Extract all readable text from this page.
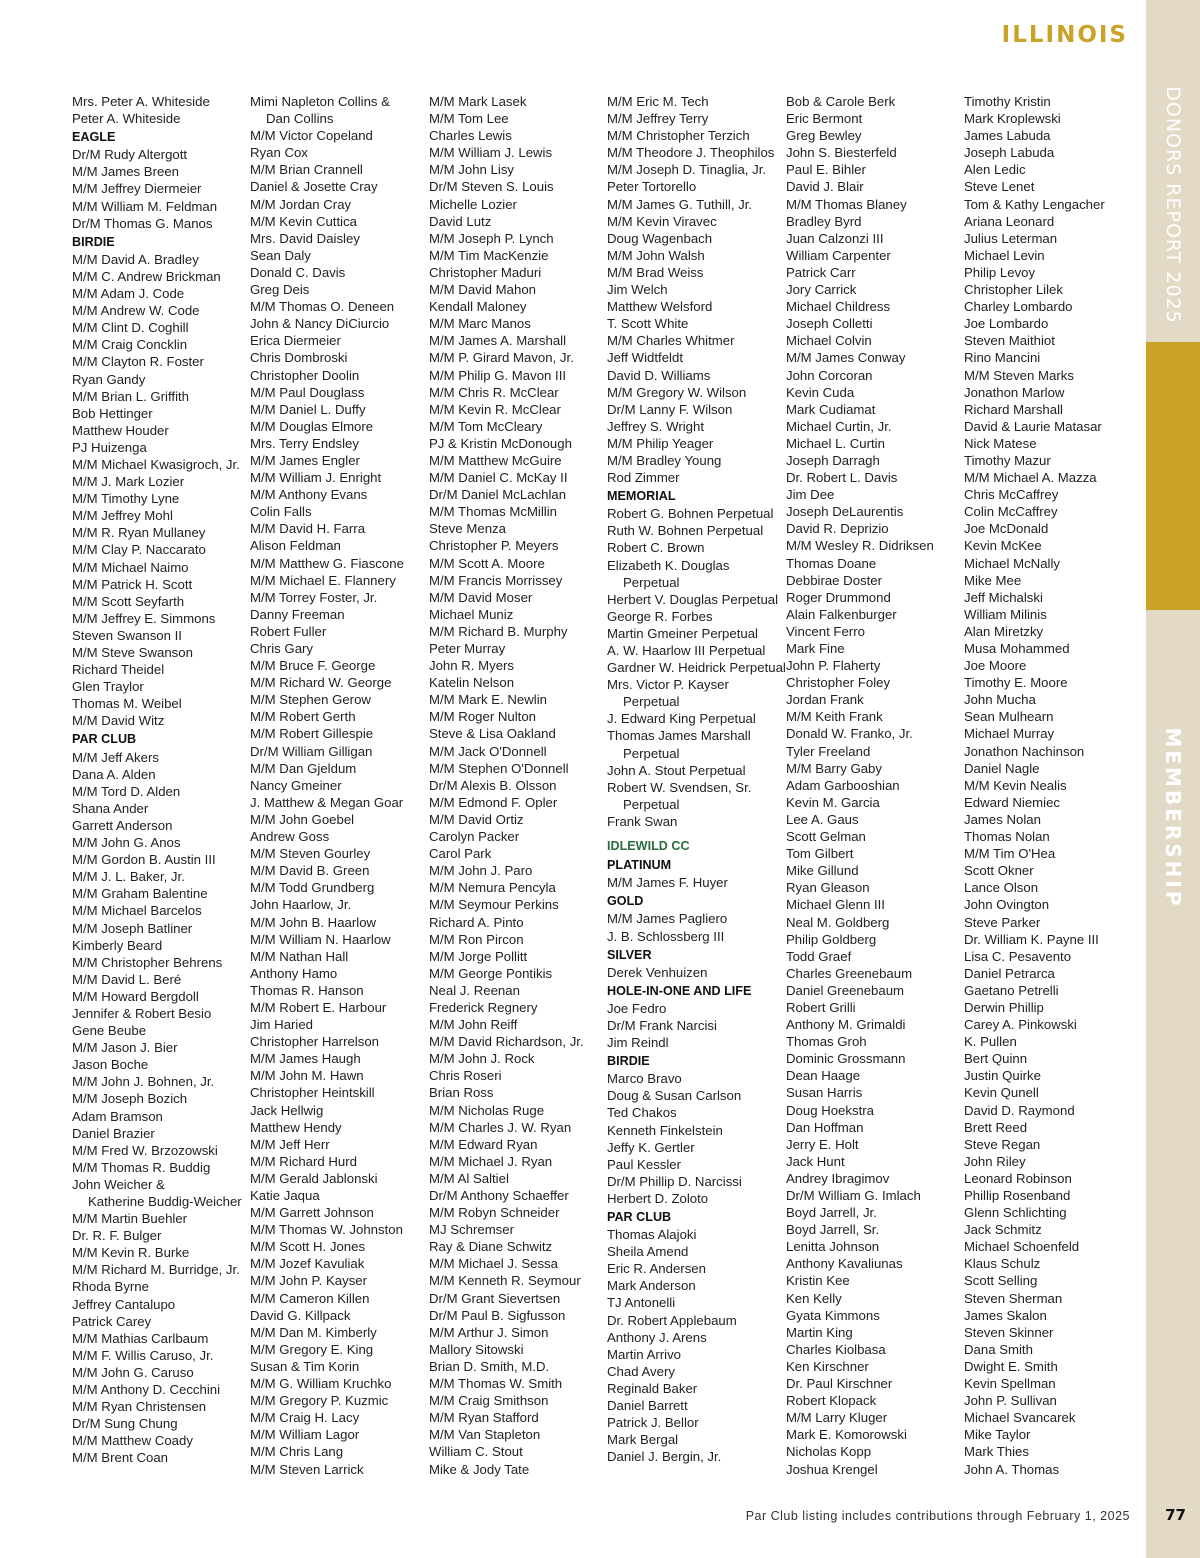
ILLINOIS
DONORS REPORT 2025
MEMBERSHIP
Mrs. Peter A. Whiteside
Peter A. Whiteside
EAGLE
Dr/M Rudy Altergott
M/M James Breen
M/M Jeffrey Diermeier
M/M William M. Feldman
Dr/M Thomas G. Manos
BIRDIE
M/M David A. Bradley
M/M C. Andrew Brickman
M/M Adam J. Code
M/M Andrew W. Code
M/M Clint D. Coghill
M/M Craig Concklin
M/M Clayton R. Foster
Ryan Gandy
M/M Brian L. Griffith
Bob Hettinger
Matthew Houder
PJ Huizenga
M/M Michael Kwasigroch, Jr.
M/M J. Mark Lozier
M/M Timothy Lyne
M/M Jeffrey Mohl
M/M R. Ryan Mullaney
M/M Clay P. Naccarato
M/M Michael Naimo
M/M Patrick H. Scott
M/M Scott Seyfarth
M/M Jeffrey E. Simmons
Steven Swanson II
M/M Steve Swanson
Richard Theidel
Glen Traylor
Thomas M. Weibel
M/M David Witz
PAR CLUB
M/M Jeff Akers
Dana A. Alden
M/M Tord D. Alden
Shana Ander
Garrett Anderson
M/M John G. Anos
M/M Gordon B. Austin III
M/M J. L. Baker, Jr.
M/M Graham Balentine
M/M Michael Barcelos
M/M Joseph Batliner
Kimberly Beard
M/M Christopher Behrens
M/M David L. Beré
M/M Howard Bergdoll
Jennifer & Robert Besio
Gene Beube
M/M Jason J. Bier
Jason Boche
M/M John J. Bohnen, Jr.
M/M Joseph Bozich
Adam Bramson
Daniel Brazier
M/M Fred W. Brzozowski
M/M Thomas R. Buddig
John Weicher &
Katherine Buddig-Weicher
M/M Martin Buehler
Dr. R. F. Bulger
M/M Kevin R. Burke
M/M Richard M. Burridge, Jr.
Rhoda Byrne
Jeffrey Cantalupo
Patrick Carey
M/M Mathias Carlbaum
M/M F. Willis Caruso, Jr.
M/M John G. Caruso
M/M Anthony D. Cecchini
M/M Ryan Christensen
Dr/M Sung Chung
M/M Matthew Coady
M/M Brent Coan
Mimi Napleton Collins &
Dan Collins
M/M Victor Copeland
Ryan Cox
M/M Brian Crannell
Daniel & Josette Cray
M/M Jordan Cray
M/M Kevin Cuttica
Mrs. David Daisley
Sean Daly
Donald C. Davis
Greg Deis
M/M Thomas O. Deneen
John & Nancy DiCiurcio
Erica Diermeier
Chris Dombroski
Christopher Doolin
M/M Paul Douglass
M/M Daniel L. Duffy
M/M Douglas Elmore
Mrs. Terry Endsley
M/M James Engler
M/M William J. Enright
M/M Anthony Evans
Colin Falls
M/M David H. Farra
Alison Feldman
M/M Matthew G. Fiascone
M/M Michael E. Flannery
M/M Torrey Foster, Jr.
Danny Freeman
Robert Fuller
Chris Gary
M/M Bruce F. George
M/M Richard W. George
M/M Stephen Gerow
M/M Robert Gerth
M/M Robert Gillespie
Dr/M William Gilligan
M/M Dan Gjeldum
Nancy Gmeiner
J. Matthew & Megan Goar
M/M John Goebel
Andrew Goss
M/M Steven Gourley
M/M David B. Green
M/M Todd Grundberg
John Haarlow, Jr.
M/M John B. Haarlow
M/M William N. Haarlow
M/M Nathan Hall
Anthony Hamo
Thomas R. Hanson
M/M Robert E. Harbour
Jim Haried
Christopher Harrelson
M/M James Haugh
M/M John M. Hawn
Christopher Heintskill
Jack Hellwig
Matthew Hendy
M/M Jeff Herr
M/M Richard Hurd
M/M Gerald Jablonski
Katie Jaqua
M/M Garrett Johnson
M/M Thomas W. Johnston
M/M Scott H. Jones
M/M Jozef Kavuliak
M/M John P. Kayser
M/M Cameron Killen
David G. Killpack
M/M Dan M. Kimberly
M/M Gregory E. King
Susan & Tim Korin
M/M G. William Kruchko
M/M Gregory P. Kuzmic
M/M Craig H. Lacy
M/M William Lagor
M/M Chris Lang
M/M Steven Larrick
M/M Mark Lasek
M/M Tom Lee
Charles Lewis
M/M William J. Lewis
M/M John Lisy
Dr/M Steven S. Louis
Michelle Lozier
David Lutz
M/M Joseph P. Lynch
M/M Tim MacKenzie
Christopher Maduri
M/M David Mahon
Kendall Maloney
M/M Marc Manos
M/M James A. Marshall
M/M P. Girard Mavon, Jr.
M/M Philip G. Mavon III
M/M Chris R. McClear
M/M Kevin R. McClear
M/M Tom McCleary
PJ & Kristin McDonough
M/M Matthew McGuire
M/M Daniel C. McKay II
Dr/M Daniel McLachlan
M/M Thomas McMillin
Steve Menza
Christopher P. Meyers
M/M Scott A. Moore
M/M Francis Morrissey
M/M David Moser
Michael Muniz
M/M Richard B. Murphy
Peter Murray
John R. Myers
Katelin Nelson
M/M Mark E. Newlin
M/M Roger Nulton
Steve & Lisa Oakland
M/M Jack O'Donnell
M/M Stephen O'Donnell
Dr/M Alexis B. Olsson
M/M Edmond F. Opler
M/M David Ortiz
Carolyn Packer
Carol Park
M/M John J. Paro
M/M Nemura Pencyla
M/M Seymour Perkins
Richard A. Pinto
M/M Ron Pircon
M/M Jorge Pollitt
M/M George Pontikis
Neal J. Reenan
Frederick Regnery
M/M John Reiff
M/M David Richardson, Jr.
M/M John J. Rock
Chris Roseri
Brian Ross
M/M Nicholas Ruge
M/M Charles J. W. Ryan
M/M Edward Ryan
M/M Michael J. Ryan
M/M Al Saltiel
Dr/M Anthony Schaeffer
M/M Robyn Schneider
MJ Schremser
Ray & Diane Schwitz
M/M Michael J. Sessa
M/M Kenneth R. Seymour
Dr/M Grant Sievertsen
Dr/M Paul B. Sigfusson
M/M Arthur J. Simon
Mallory Sitowski
Brian D. Smith, M.D.
M/M Thomas W. Smith
M/M Craig Smithson
M/M Ryan Stafford
M/M Van Stapleton
William C. Stout
Mike & Jody Tate
M/M Eric M. Tech
M/M Jeffrey Terry
M/M Christopher Terzich
M/M Theodore J. Theophilos
M/M Joseph D. Tinaglia, Jr.
Peter Tortorello
M/M James G. Tuthill, Jr.
M/M Kevin Viravec
Doug Wagenbach
M/M John Walsh
M/M Brad Weiss
Jim Welch
Matthew Welsford
T. Scott White
M/M Charles Whitmer
Jeff Widtfeldt
David D. Williams
M/M Gregory W. Wilson
Dr/M Lanny F. Wilson
Jeffrey S. Wright
M/M Philip Yeager
M/M Bradley Young
Rod Zimmer
MEMORIAL
Robert G. Bohnen Perpetual
Ruth W. Bohnen Perpetual
Robert C. Brown
Elizabeth K. Douglas
Perpetual
Herbert V. Douglas Perpetual
George R. Forbes
Martin Gmeiner Perpetual
A. W. Haarlow III Perpetual
Gardner W. Heidrick Perpetual
Mrs. Victor P. Kayser
Perpetual
J. Edward King Perpetual
Thomas James Marshall
Perpetual
John A. Stout Perpetual
Robert W. Svendsen, Sr.
Perpetual
Frank Swan
IDLEWILD CC
PLATINUM
M/M James F. Huyer
GOLD
M/M James Pagliero
J. B. Schlossberg III
SILVER
Derek Venhuizen
HOLE-IN-ONE AND LIFE
Joe Fedro
Dr/M Frank Narcisi
Jim Reindl
BIRDIE
Marco Bravo
Doug & Susan Carlson
Ted Chakos
Kenneth Finkelstein
Jeffy K. Gertler
Paul Kessler
Dr/M Phillip D. Narcissi
Herbert D. Zoloto
PAR CLUB
Thomas Alajoki
Sheila Amend
Eric R. Andersen
Mark Anderson
TJ Antonelli
Dr. Robert Applebaum
Anthony J. Arens
Martin Arrivo
Chad Avery
Reginald Baker
Daniel Barrett
Patrick J. Bellor
Mark Bergal
Daniel J. Bergin, Jr.
Bob & Carole Berk
Eric Bermont
Greg Bewley
John S. Biesterfeld
Paul E. Bihler
David J. Blair
M/M Thomas Blaney
Bradley Byrd
Juan Calzonzi III
William Carpenter
Patrick Carr
Jory Carrick
Michael Childress
Joseph Colletti
Michael Colvin
M/M James Conway
John Corcoran
Kevin Cuda
Mark Cudiamat
Michael Curtin, Jr.
Michael L. Curtin
Joseph Darragh
Dr. Robert L. Davis
Jim Dee
Joseph DeLaurentis
David R. Deprizio
M/M Wesley R. Didriksen
Thomas Doane
Debbirae Doster
Roger Drummond
Alain Falkenburger
Vincent Ferro
Mark Fine
John P. Flaherty
Christopher Foley
Jordan Frank
M/M Keith Frank
Donald W. Franko, Jr.
Tyler Freeland
M/M Barry Gaby
Adam Garbooshian
Kevin M. Garcia
Lee A. Gaus
Scott Gelman
Tom Gilbert
Mike Gillund
Ryan Gleason
Michael Glenn III
Neal M. Goldberg
Philip Goldberg
Todd Graef
Charles Greenebaum
Daniel Greenebaum
Robert Grilli
Anthony M. Grimaldi
Thomas Groh
Dominic Grossmann
Dean Haage
Susan Harris
Doug Hoekstra
Dan Hoffman
Jerry E. Holt
Jack Hunt
Andrey Ibragimov
Dr/M William G. Imlach
Boyd Jarrell, Jr.
Boyd Jarrell, Sr.
Lenitta Johnson
Anthony Kavaliunas
Kristin Kee
Ken Kelly
Gyata Kimmons
Martin King
Charles Kiolbasa
Ken Kirschner
Dr. Paul Kirschner
Robert Klopack
M/M Larry Kluger
Mark E. Komorowski
Nicholas Kopp
Joshua Krengel
Timothy Kristin
Mark Kroplewski
James Labuda
Joseph Labuda
Alen Ledic
Steve Lenet
Tom & Kathy Lengacher
Ariana Leonard
Julius Leterman
Michael Levin
Philip Levoy
Christopher Lilek
Charley Lombardo
Joe Lombardo
Steven Maithiot
Rino Mancini
M/M Steven Marks
Jonathon Marlow
Richard Marshall
David & Laurie Matasar
Nick Matese
Timothy Mazur
M/M Michael A. Mazza
Chris McCaffrey
Colin McCaffrey
Joe McDonald
Kevin McKee
Michael McNally
Mike Mee
Jeff Michalski
William Milinis
Alan Miretzky
Musa Mohammed
Joe Moore
Timothy E. Moore
John Mucha
Sean Mulhearn
Michael Murray
Jonathon Nachinson
Daniel Nagle
M/M Kevin Nealis
Edward Niemiec
James Nolan
Thomas Nolan
M/M Tim O'Hea
Scott Okner
Lance Olson
John Ovington
Steve Parker
Dr. William K. Payne III
Lisa C. Pesavento
Daniel Petrarca
Gaetano Petrelli
Derwin Phillip
Carey A. Pinkowski
K. Pullen
Bert Quinn
Justin Quirke
Kevin Qunell
David D. Raymond
Brett Reed
Steve Regan
John Riley
Leonard Robinson
Phillip Rosenband
Glenn Schlichting
Jack Schmitz
Michael Schoenfeld
Klaus Schulz
Scott Selling
Steven Sherman
James Skalon
Steven Skinner
Dana Smith
Dwight E. Smith
Kevin Spellman
John P. Sullivan
Michael Svancarek
Mike Taylor
Mark Thies
John A. Thomas
Par Club listing includes contributions through February 1, 2025 77
